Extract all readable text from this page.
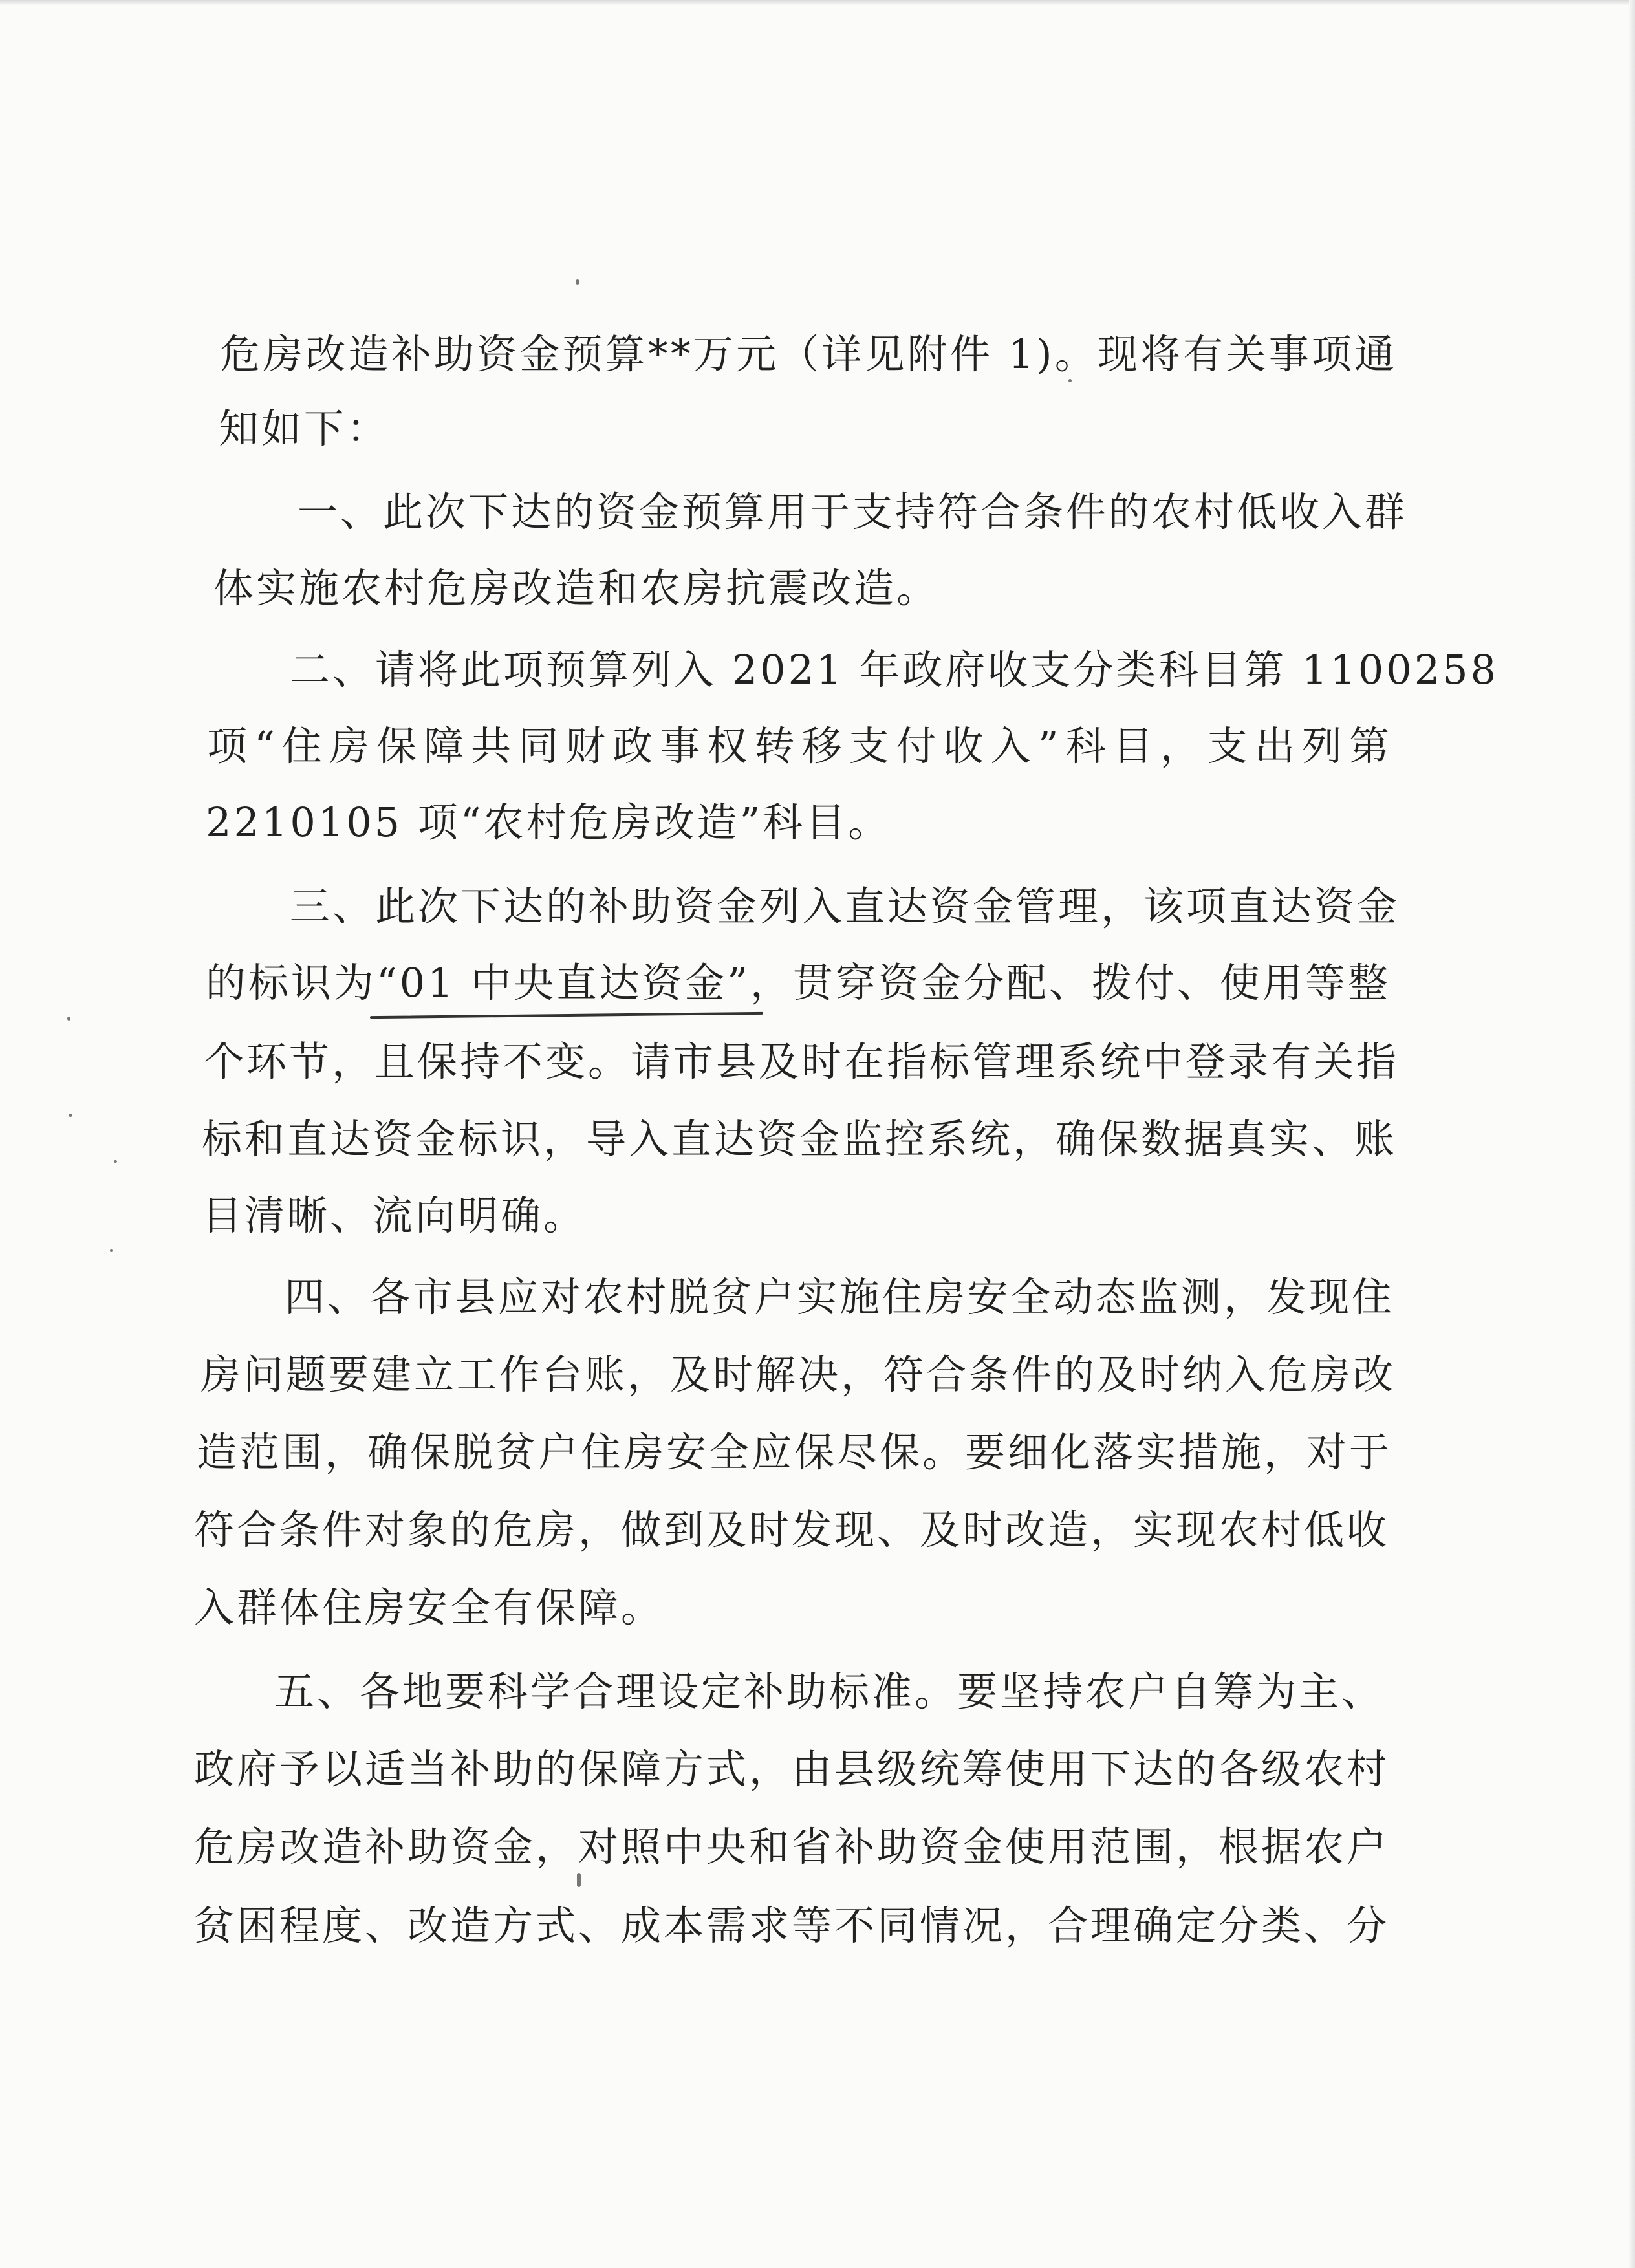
危房改造补助资金预算**万元（详见附件 1)。现将有关事项通
知如下：
一、此次下达的资金预算用于支持符合条件的农村低收入群
体实施农村危房改造和农房抗震改造。
二、请将此项预算列入 2021 年政府收支分类科目第 1100258
项“住房保障共同财政事权转移支付收入”科目，支出列第
2210105 项“农村危房改造”科目。
三、此次下达的补助资金列入直达资金管理，该项直达资金
的标识为“01 中央直达资金”，贯穿资金分配、拨付、使用等整
个环节，且保持不变。请市县及时在指标管理系统中登录有关指
标和直达资金标识，导入直达资金监控系统，确保数据真实、账
目清晰、流向明确。
四、各市县应对农村脱贫户实施住房安全动态监测，发现住
房问题要建立工作台账，及时解决，符合条件的及时纳入危房改
造范围，确保脱贫户住房安全应保尽保。要细化落实措施，对于
符合条件对象的危房，做到及时发现、及时改造，实现农村低收
入群体住房安全有保障。
五、各地要科学合理设定补助标准。要坚持农户自筹为主、
政府予以适当补助的保障方式，由县级统筹使用下达的各级农村
危房改造补助资金，对照中央和省补助资金使用范围，根据农户
贫困程度、改造方式、成本需求等不同情况，合理确定分类、分
